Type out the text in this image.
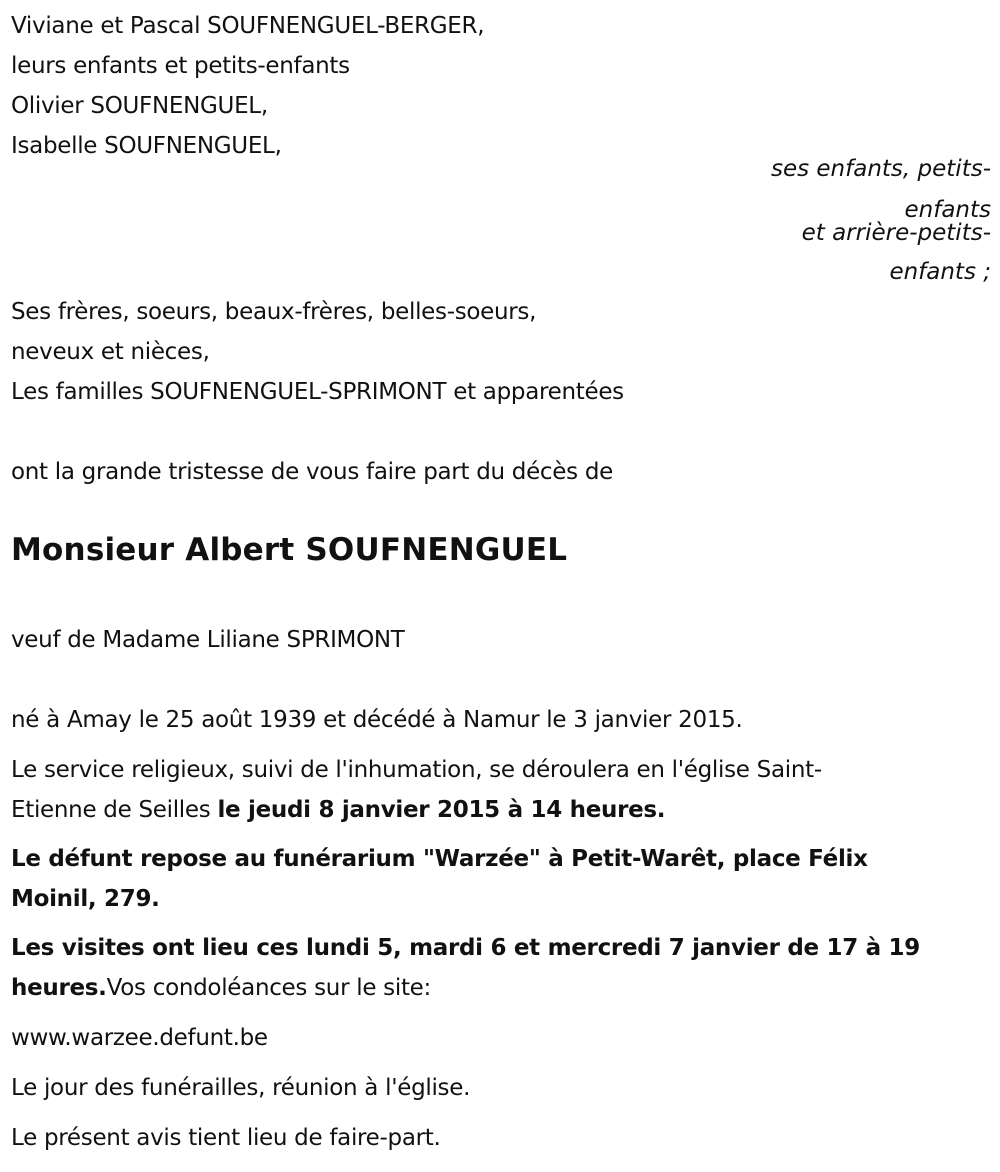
Viviane et Pascal SOUFNENGUEL-BERGER,
leurs enfants et petits-enfants
Olivier SOUFNENGUEL,
Isabelle SOUFNENGUEL,
ses enfants, petits-
enfants
et arrière-petits-
enfants ;
Ses frères, soeurs, beaux-frères, belles-soeurs,
neveux et nièces,
Les familles SOUFNENGUEL-SPRIMONT et apparentées
ont la grande tristesse de vous faire part du décès de
Monsieur Albert SOUFNENGUEL
veuf de Madame Liliane SPRIMONT
né à Amay le 25 août 1939 et décédé à Namur le 3 janvier 2015.
Le service religieux, suivi de l'inhumation, se déroulera en l'église Saint-
Etienne de Seilles le jeudi 8 janvier 2015 à 14 heures.
Le défunt repose au funérarium "Warzée" à Petit-Warêt, place Félix
Moinil, 279.
Les visites ont lieu ces lundi 5, mardi 6 et mercredi 7 janvier de 17 à 19
heures.Vos condoléances sur le site:
www.warzee.defunt.be
Le jour des funérailles, réunion à l'église.
Le présent avis tient lieu de faire-part.
